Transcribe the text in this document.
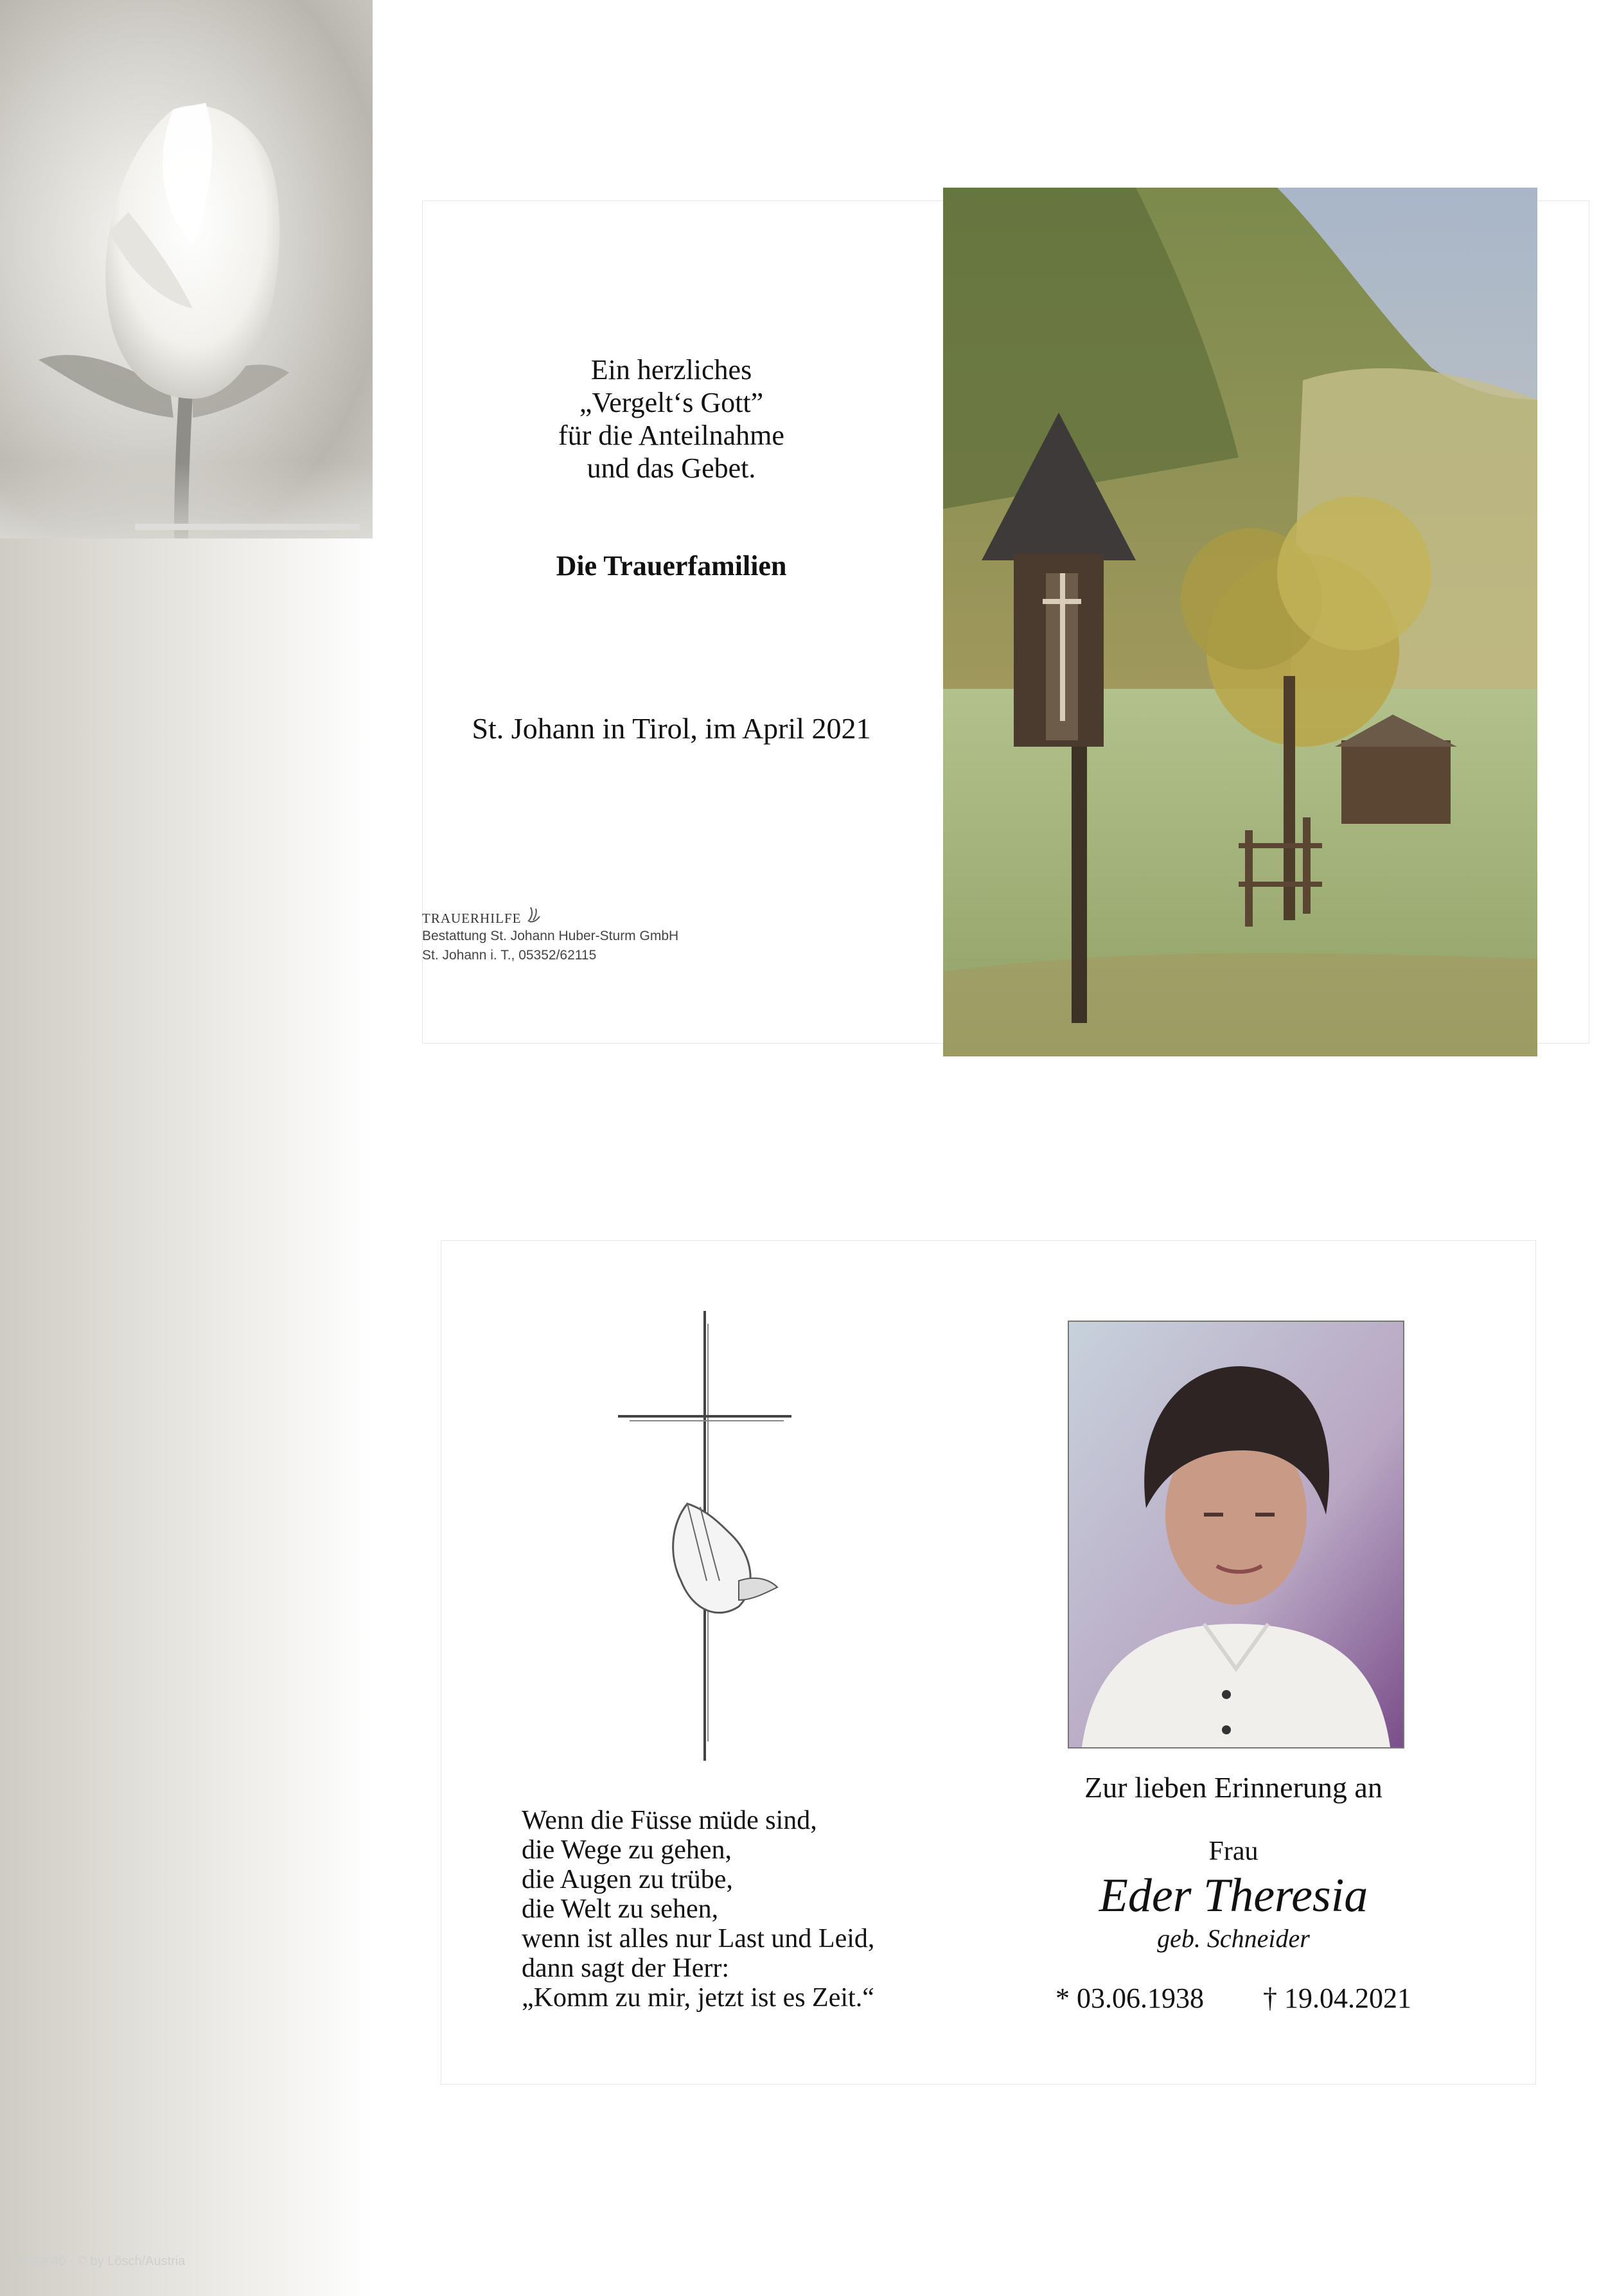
Rose 40 · © by Lösch/Austria
Ein herzliches
„Vergelt‘s Gott”
für die Anteilnahme
und das Gebet.
Die Trauerfamilien
St. Johann in Tirol, im April 2021
TRAUERHILFE
Bestattung St. Johann Huber-Sturm GmbH
St. Johann i. T., 05352/62115
Wenn die Füsse müde sind,
die Wege zu gehen,
die Augen zu trübe,
die Welt zu sehen,
wenn ist alles nur Last und Leid,
dann sagt der Herr:
„Komm zu mir, jetzt ist es Zeit.“
Zur lieben Erinnerung an
Frau
Eder Theresia
geb. Schneider
* 03.06.1938 † 19.04.2021
